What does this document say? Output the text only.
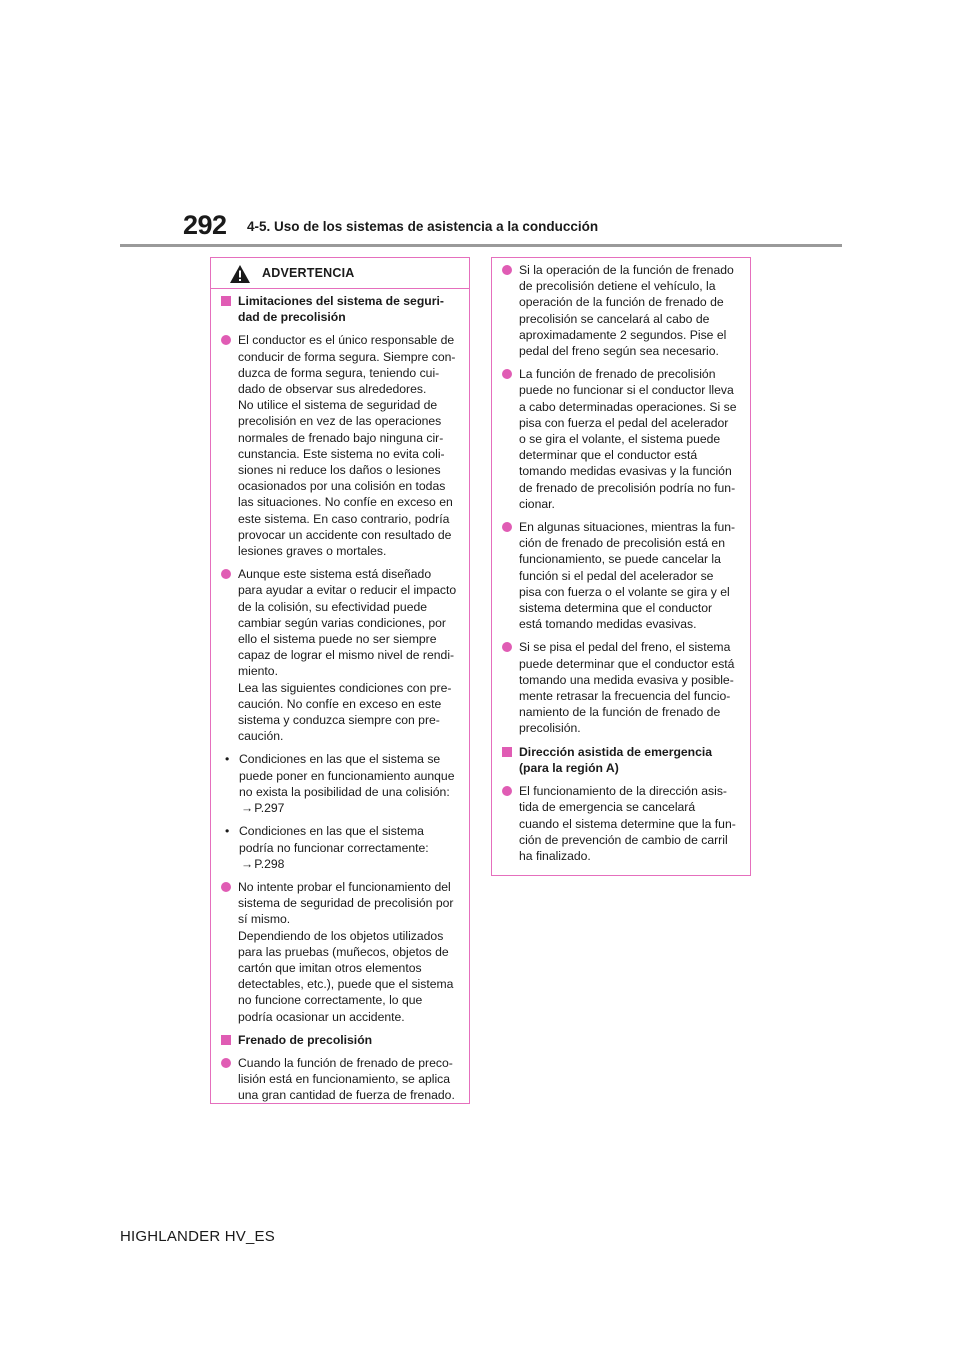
292 4-5. Uso de los sistemas de asistencia a la conducción
ADVERTENCIA
Limitaciones del sistema de seguri-
dad de precolisión
El conductor es el único responsable de
conducir de forma segura. Siempre con-
duzca de forma segura, teniendo cui-
dado de observar sus alrededores.
No utilice el sistema de seguridad de
precolisión en vez de las operaciones
normales de frenado bajo ninguna cir-
cunstancia. Este sistema no evita coli-
siones ni reduce los daños o lesiones
ocasionados por una colisión en todas
las situaciones. No confíe en exceso en
este sistema. En caso contrario, podría
provocar un accidente con resultado de
lesiones graves o mortales.
Aunque este sistema está diseñado
para ayudar a evitar o reducir el impacto
de la colisión, su efectividad puede
cambiar según varias condiciones, por
ello el sistema puede no ser siempre
capaz de lograr el mismo nivel de rendi-
miento.
Lea las siguientes condiciones con pre-
caución. No confíe en exceso en este
sistema y conduzca siempre con pre-
caución.
• Condiciones en las que el sistema se
puede poner en funcionamiento aunque
no exista la posibilidad de una colisión:
→P.297
• Condiciones en las que el sistema
podría no funcionar correctamente:
→P.298
No intente probar el funcionamiento del
sistema de seguridad de precolisión por
sí mismo.
Dependiendo de los objetos utilizados
para las pruebas (muñecos, objetos de
cartón que imitan otros elementos
detectables, etc.), puede que el sistema
no funcione correctamente, lo que
podría ocasionar un accidente.
Frenado de precolisión
Cuando la función de frenado de preco-
lisión está en funcionamiento, se aplica
una gran cantidad de fuerza de frenado.
Si la operación de la función de frenado
de precolisión detiene el vehículo, la
operación de la función de frenado de
precolisión se cancelará al cabo de
aproximadamente 2 segundos. Pise el
pedal del freno según sea necesario.
La función de frenado de precolisión
puede no funcionar si el conductor lleva
a cabo determinadas operaciones. Si se
pisa con fuerza el pedal del acelerador
o se gira el volante, el sistema puede
determinar que el conductor está
tomando medidas evasivas y la función
de frenado de precolisión podría no fun-
cionar.
En algunas situaciones, mientras la fun-
ción de frenado de precolisión está en
funcionamiento, se puede cancelar la
función si el pedal del acelerador se
pisa con fuerza o el volante se gira y el
sistema determina que el conductor
está tomando medidas evasivas.
Si se pisa el pedal del freno, el sistema
puede determinar que el conductor está
tomando una medida evasiva y posible-
mente retrasar la frecuencia del funcio-
namiento de la función de frenado de
precolisión.
Dirección asistida de emergencia
(para la región A)
El funcionamiento de la dirección asis-
tida de emergencia se cancelará
cuando el sistema determine que la fun-
ción de prevención de cambio de carril
ha finalizado.
HIGHLANDER HV_ES
